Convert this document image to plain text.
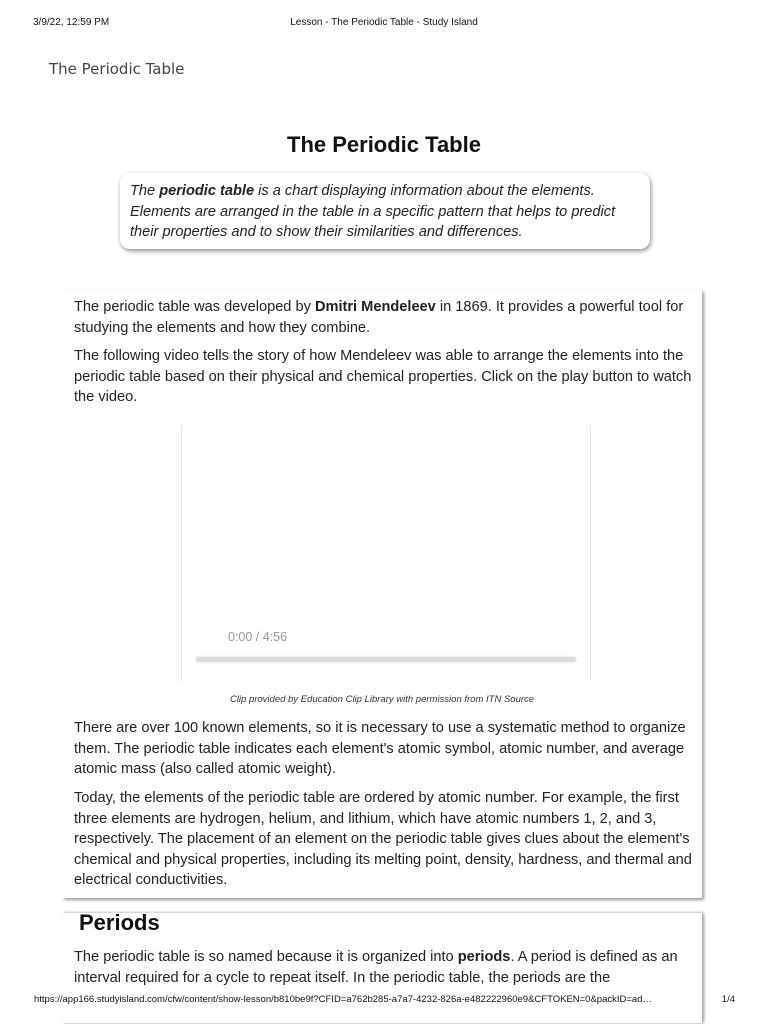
3/9/22, 12:59 PM	Lesson - The Periodic Table - Study Island
The Periodic Table
The Periodic Table
The periodic table is a chart displaying information about the elements. Elements are arranged in the table in a specific pattern that helps to predict their properties and to show their similarities and differences.

The periodic table was developed by Dmitri Mendeleev in 1869. It provides a powerful tool for studying the elements and how they combine.

The following video tells the story of how Mendeleev was able to arrange the elements into the periodic table based on their physical and chemical properties. Click on the play button to watch the video.

0:00 / 4:56
Clip provided by Education Clip Library with permission from ITN Source

There are over 100 known elements, so it is necessary to use a systematic method to organize them. The periodic table indicates each element's atomic symbol, atomic number, and average atomic mass (also called atomic weight).

Today, the elements of the periodic table are ordered by atomic number. For example, the first three elements are hydrogen, helium, and lithium, which have atomic numbers 1, 2, and 3, respectively. The placement of an element on the periodic table gives clues about the element's chemical and physical properties, including its melting point, density, hardness, and thermal and electrical conductivities.

The periodic table is so named because it is organized into periods. A period is defined as an interval required for a cycle to repeat itself. In the periodic table, the periods are the

Periods
https://app166.studyisland.com/cfw/content/show-lesson/b810be9f?CFID=a762b285-a7a7-4232-826a-e482222960e9&CFTOKEN=0&packID=ad…	1/4
